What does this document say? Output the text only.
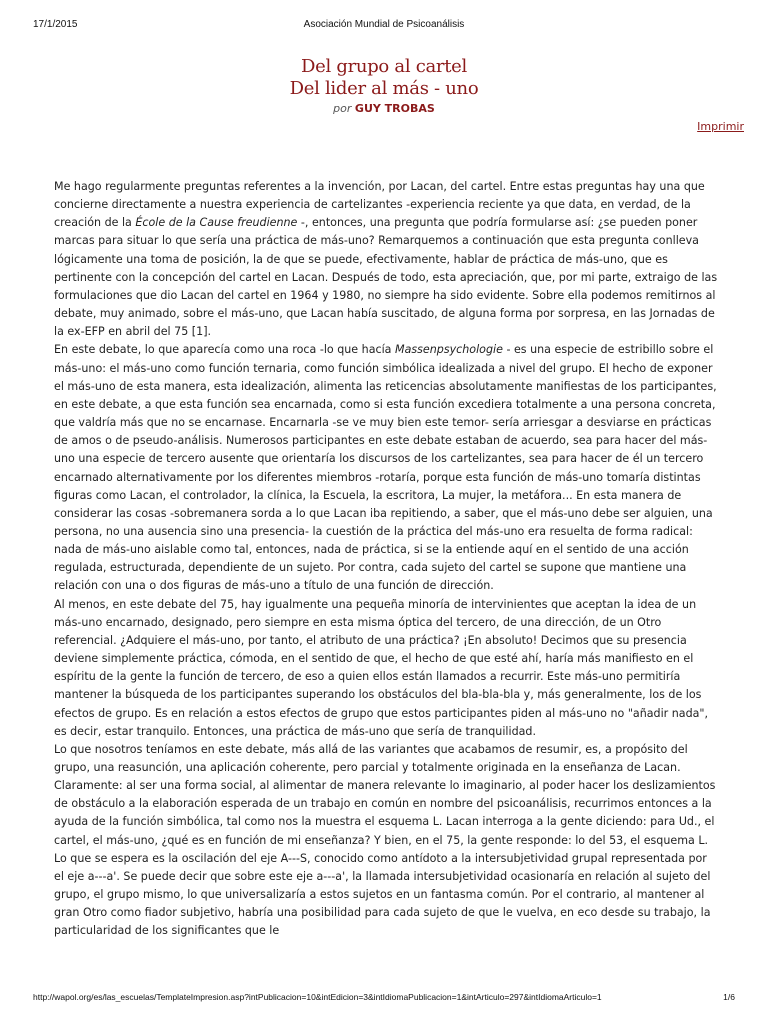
17/1/2015	Asociación Mundial de Psicoanálisis
Del grupo al cartel
Del lider al más - uno
por GUY TROBAS
Imprimir

Me hago regularmente preguntas referentes a la invención, por Lacan, del cartel. Entre estas preguntas hay una que concierne directamente a nuestra experiencia de cartelizantes -experiencia reciente ya que data, en verdad, de la creación de la École de la Cause freudienne -, entonces, una pregunta que podría formularse así: ¿se pueden poner marcas para situar lo que sería una práctica de más-uno? Remarquemos a continuación que esta pregunta conlleva lógicamente una toma de posición, la de que se puede, efectivamente, hablar de práctica de más-uno, que es pertinente con la concepción del cartel en Lacan. Después de todo, esta apreciación, que, por mi parte, extraigo de las formulaciones que dio Lacan del cartel en 1964 y 1980, no siempre ha sido evidente. Sobre ella podemos remitirnos al debate, muy animado, sobre el más-uno, que Lacan había suscitado, de alguna forma por sorpresa, en las Jornadas de la ex-EFP en abril del 75 [1].

En este debate, lo que aparecía como una roca -lo que hacía Massenpsychologie - es una especie de estribillo sobre el más-uno: el más-uno como función ternaria, como función simbólica idealizada a nivel del grupo. El hecho de exponer el más-uno de esta manera, esta idealización, alimenta las reticencias absolutamente manifiestas de los participantes, en este debate, a que esta función sea encarnada, como si esta función excediera totalmente a una persona concreta, que valdría más que no se encarnase. Encarnarla -se ve muy bien este temor- sería arriesgar a desviarse en prácticas de amos o de pseudo-análisis. Numerosos participantes en este debate estaban de acuerdo, sea para hacer del más-uno una especie de tercero ausente que orientaría los discursos de los cartelizantes, sea para hacer de él un tercero encarnado alternativamente por los diferentes miembros -rotaría, porque esta función de más-uno tomaría distintas figuras como Lacan, el controlador, la clínica, la Escuela, la escritora, La mujer, la metáfora... En esta manera de considerar las cosas -sobremanera sorda a lo que Lacan iba repitiendo, a saber, que el más-uno debe ser alguien, una persona, no una ausencia sino una presencia- la cuestión de la práctica del más-uno era resuelta de forma radical: nada de más-uno aislable como tal, entonces, nada de práctica, si se la entiende aquí en el sentido de una acción regulada, estructurada, dependiente de un sujeto. Por contra, cada sujeto del cartel se supone que mantiene una relación con una o dos figuras de más-uno a título de una función de dirección.

Al menos, en este debate del 75, hay igualmente una pequeña minoría de intervinientes que aceptan la idea de un más-uno encarnado, designado, pero siempre en esta misma óptica del tercero, de una dirección, de un Otro referencial. ¿Adquiere el más-uno, por tanto, el atributo de una práctica? ¡En absoluto! Decimos que su presencia deviene simplemente práctica, cómoda, en el sentido de que, el hecho de que esté ahí, haría más manifiesto en el espíritu de la gente la función de tercero, de eso a quien ellos están llamados a recurrir. Este más-uno permitiría mantener la búsqueda de los participantes superando los obstáculos del bla-bla-bla y, más generalmente, los de los efectos de grupo. Es en relación a estos efectos de grupo que estos participantes piden al más-uno no "añadir nada", es decir, estar tranquilo. Entonces, una práctica de más-uno que sería de tranquilidad.

Lo que nosotros teníamos en este debate, más allá de las variantes que acabamos de resumir, es, a propósito del grupo, una reasunción, una aplicación coherente, pero parcial y totalmente originada en la enseñanza de Lacan. Claramente: al ser una forma social, al alimentar de manera relevante lo imaginario, al poder hacer los deslizamientos de obstáculo a la elaboración esperada de un trabajo en común en nombre del psicoanálisis, recurrimos entonces a la ayuda de la función simbólica, tal como nos la muestra el esquema L. Lacan interroga a la gente diciendo: para Ud., el cartel, el más-uno, ¿qué es en función de mi enseñanza? Y bien, en el 75, la gente responde: lo del 53, el esquema L. Lo que se espera es la oscilación del eje A---S, conocido como antídoto a la intersubjetividad grupal representada por el eje a---a'. Se puede decir que sobre este eje a---a', la llamada intersubjetividad ocasionaría en relación al sujeto del grupo, el grupo mismo, lo que universalizaría a estos sujetos en un fantasma común. Por el contrario, al mantener al gran Otro como fiador subjetivo, habría una posibilidad para cada sujeto de que le vuelva, en eco desde su trabajo, la particularidad de los significantes que le

http://wapol.org/es/las_escuelas/TemplateImpresion.asp?intPublicacion=10&intEdicion=3&intIdiomaPublicacion=1&intArticulo=297&intIdiomaArticulo=1	1/6
